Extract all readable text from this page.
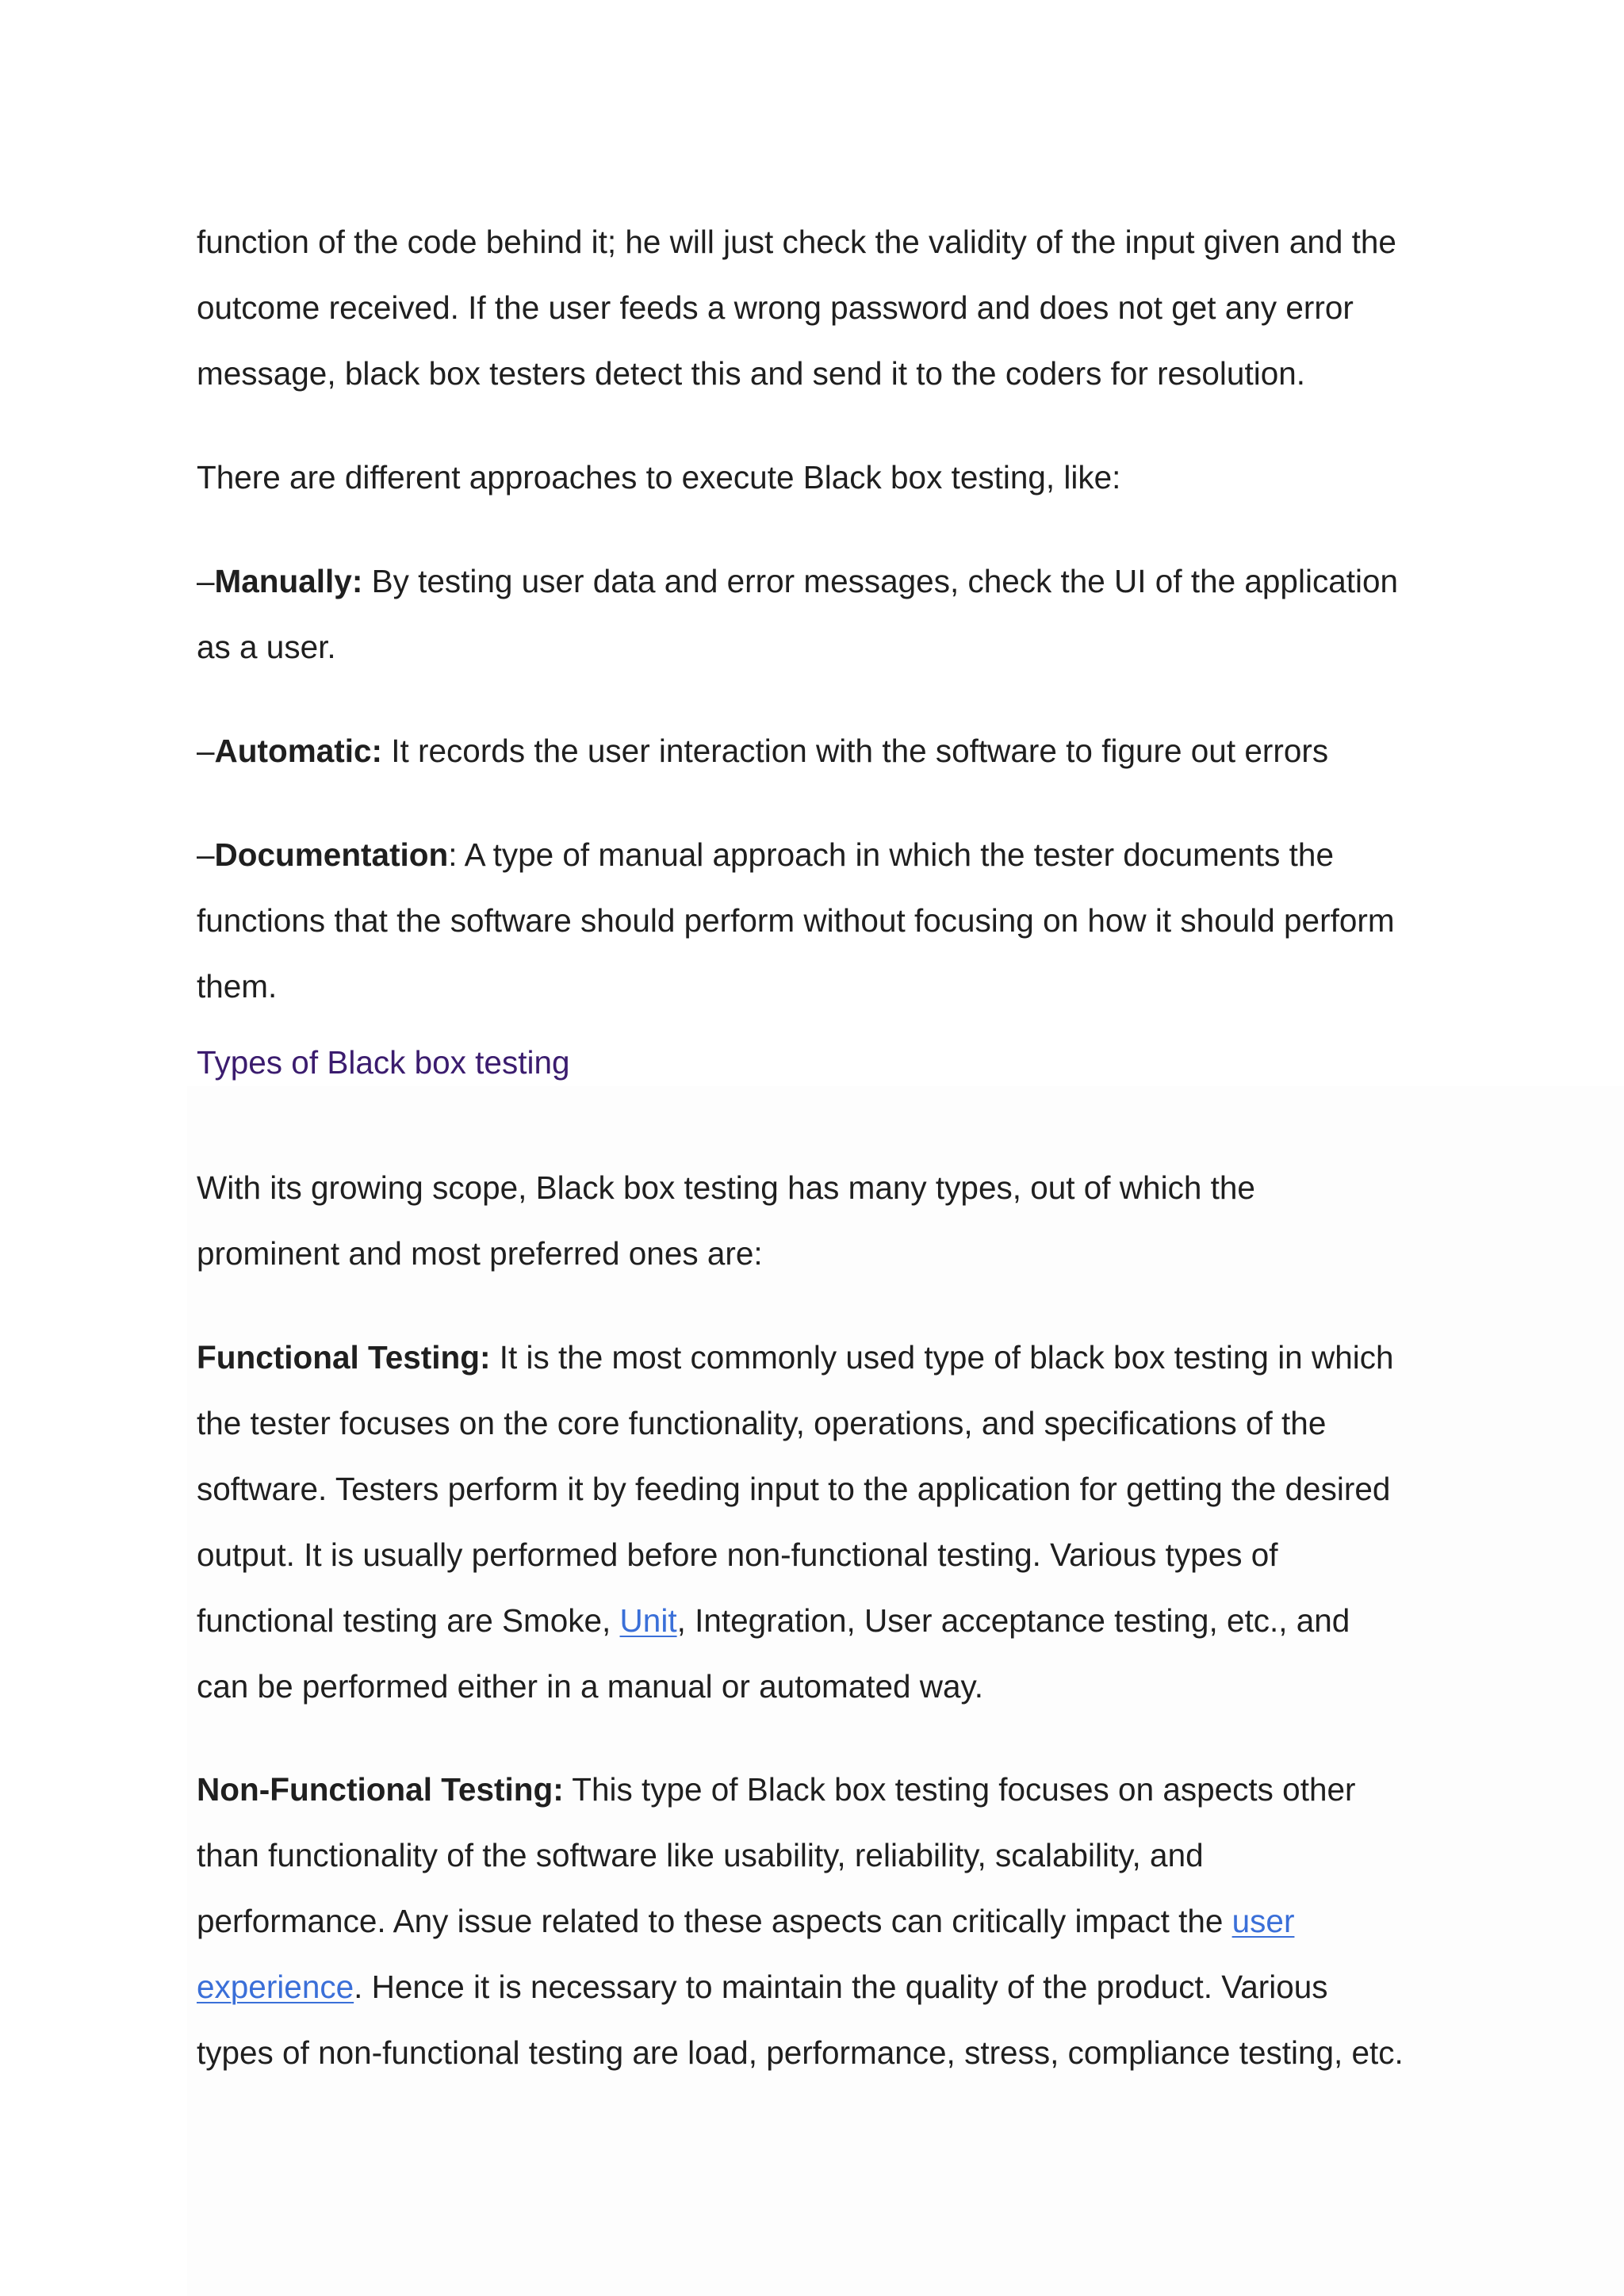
function of the code behind it; he will just check the validity of the input given and the
outcome received. If the user feeds a wrong password and does not get any error
message, black box testers detect this and send it to the coders for resolution.

There are different approaches to execute Black box testing, like:

–Manually: By testing user data and error messages, check the UI of the application
as a user.

–Automatic: It records the user interaction with the software to figure out errors

–Documentation: A type of manual approach in which the tester documents the
functions that the software should perform without focusing on how it should perform
them.

Types of Black box testing

With its growing scope, Black box testing has many types, out of which the
prominent and most preferred ones are:

Functional Testing: It is the most commonly used type of black box testing in which
the tester focuses on the core functionality, operations, and specifications of the
software. Testers perform it by feeding input to the application for getting the desired
output. It is usually performed before non-functional testing. Various types of
functional testing are Smoke, Unit, Integration, User acceptance testing, etc., and
can be performed either in a manual or automated way.

Non-Functional Testing: This type of Black box testing focuses on aspects other
than functionality of the software like usability, reliability, scalability, and
performance. Any issue related to these aspects can critically impact the user
experience. Hence it is necessary to maintain the quality of the product. Various
types of non-functional testing are load, performance, stress, compliance testing, etc.
